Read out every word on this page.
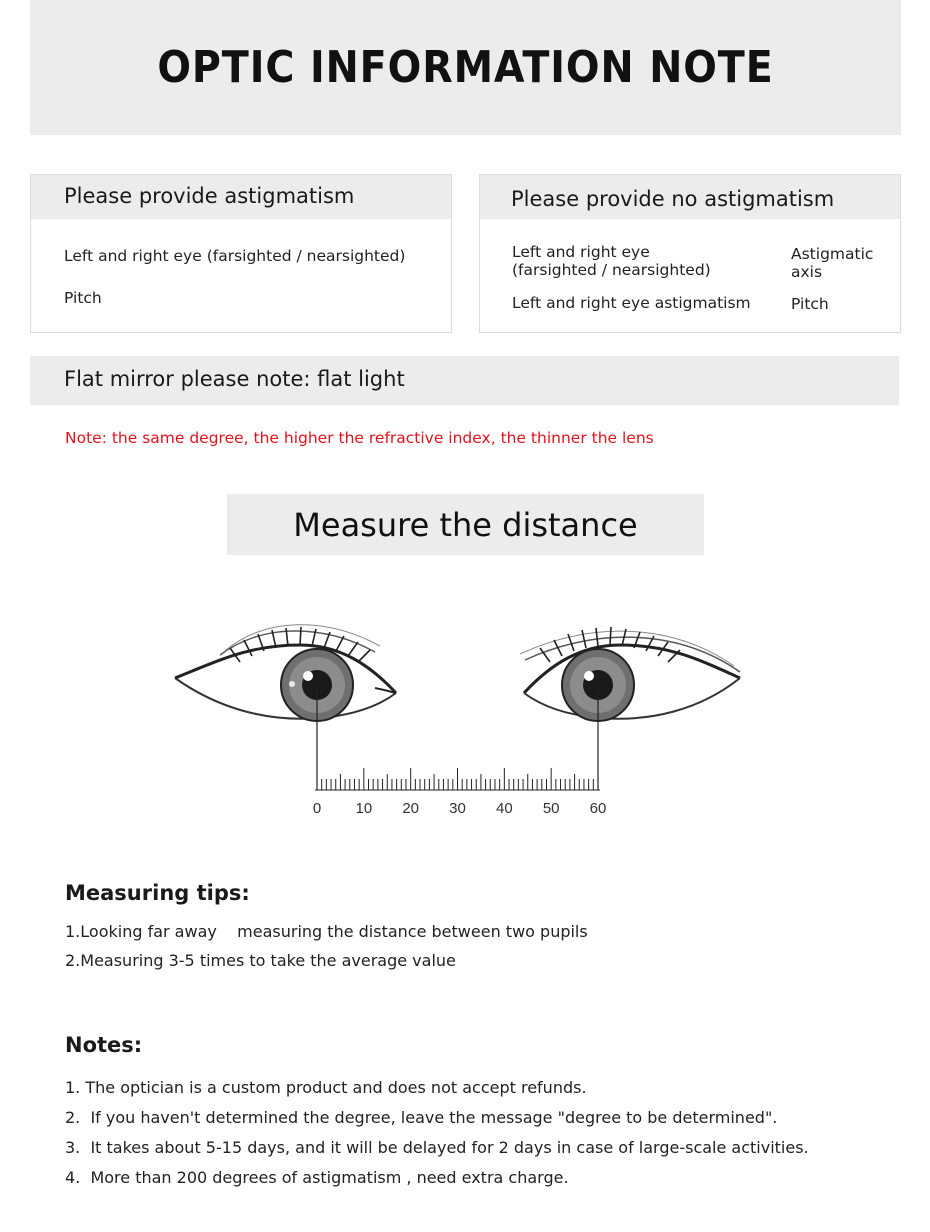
OPTIC INFORMATION NOTE
Please provide astigmatism
Left and right eye (farsighted / nearsighted)
Pitch
Please provide no astigmatism
Left and right eye
(farsighted / nearsighted)
Left and right eye astigmatism
Astigmatic
axis
Pitch
Flat mirror please note: flat light
Note: the same degree, the higher the refractive index, the thinner the lens
Measure the distance
0 10 20 30 40 50 60
Measuring tips:
1.Looking far away    measuring the distance between two pupils
2.Measuring 3-5 times to take the average value
Notes:
1. The optician is a custom product and does not accept refunds.
2.  If you haven't determined the degree, leave the message "degree to be determined".
3.  It takes about 5-15 days, and it will be delayed for 2 days in case of large-scale activities.
4.  More than 200 degrees of astigmatism , need extra charge.
